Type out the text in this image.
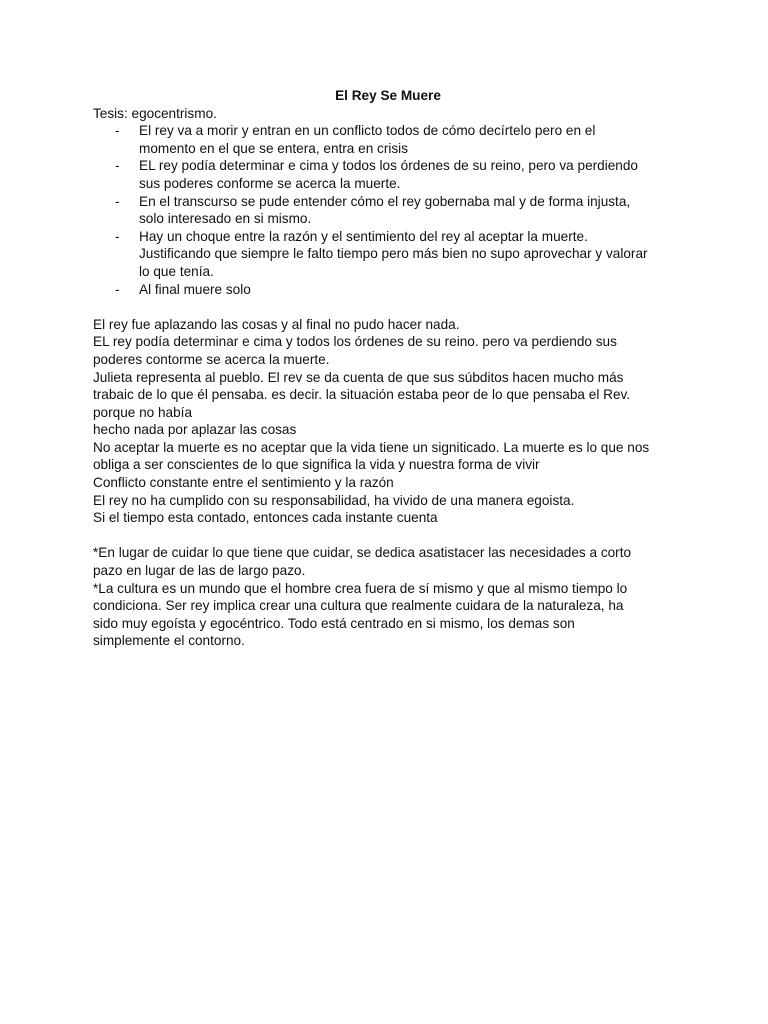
El Rey Se Muere

Tesis: egocentrismo.

- El rey va a morir y entran en un conflicto todos de cómo decírtelo pero en el
momento en el que se entera, entra en crisis
- EL rey podía determinar e cima y todos los órdenes de su reino, pero va perdiendo
sus poderes conforme se acerca la muerte.
- En el transcurso se pude entender cómo el rey gobernaba mal y de forma injusta,
solo interesado en si mismo.
- Hay un choque entre la razón y el sentimiento del rey al aceptar la muerte.
Justificando que siempre le falto tiempo pero más bien no supo aprovechar y valorar
lo que tenía.
- Al final muere solo

El rey fue aplazando las cosas y al final no pudo hacer nada.

EL rey podía determinar e cima y todos los órdenes de su reino. pero va perdiendo sus

poderes contorme se acerca la muerte.

Julieta representa al pueblo. El rev se da cuenta de que sus súbditos hacen mucho más

trabaic de lo que él pensaba. es decir. la situación estaba peor de lo que pensaba el Rev.

porque no había

hecho nada por aplazar las cosas

No aceptar la muerte es no aceptar que la vida tiene un signiticado. La muerte es lo que nos

obliga a ser conscientes de lo que significa la vida y nuestra forma de vivir

Conflicto constante entre el sentimiento y la razón

El rey no ha cumplido con su responsabilidad, ha vivido de una manera egoista.

Si el tiempo esta contado, entonces cada instante cuenta

*En lugar de cuidar lo que tiene que cuidar, se dedica asatistacer las necesidades a corto

pazo en lugar de las de largo pazo.

*La cultura es un mundo que el hombre crea fuera de sí mismo y que al mismo tiempo lo

condiciona. Ser rey implica crear una cultura que realmente cuidara de la naturaleza, ha

sido muy egoísta y egocéntrico. Todo está centrado en si mismo, los demas son

simplemente el contorno.
